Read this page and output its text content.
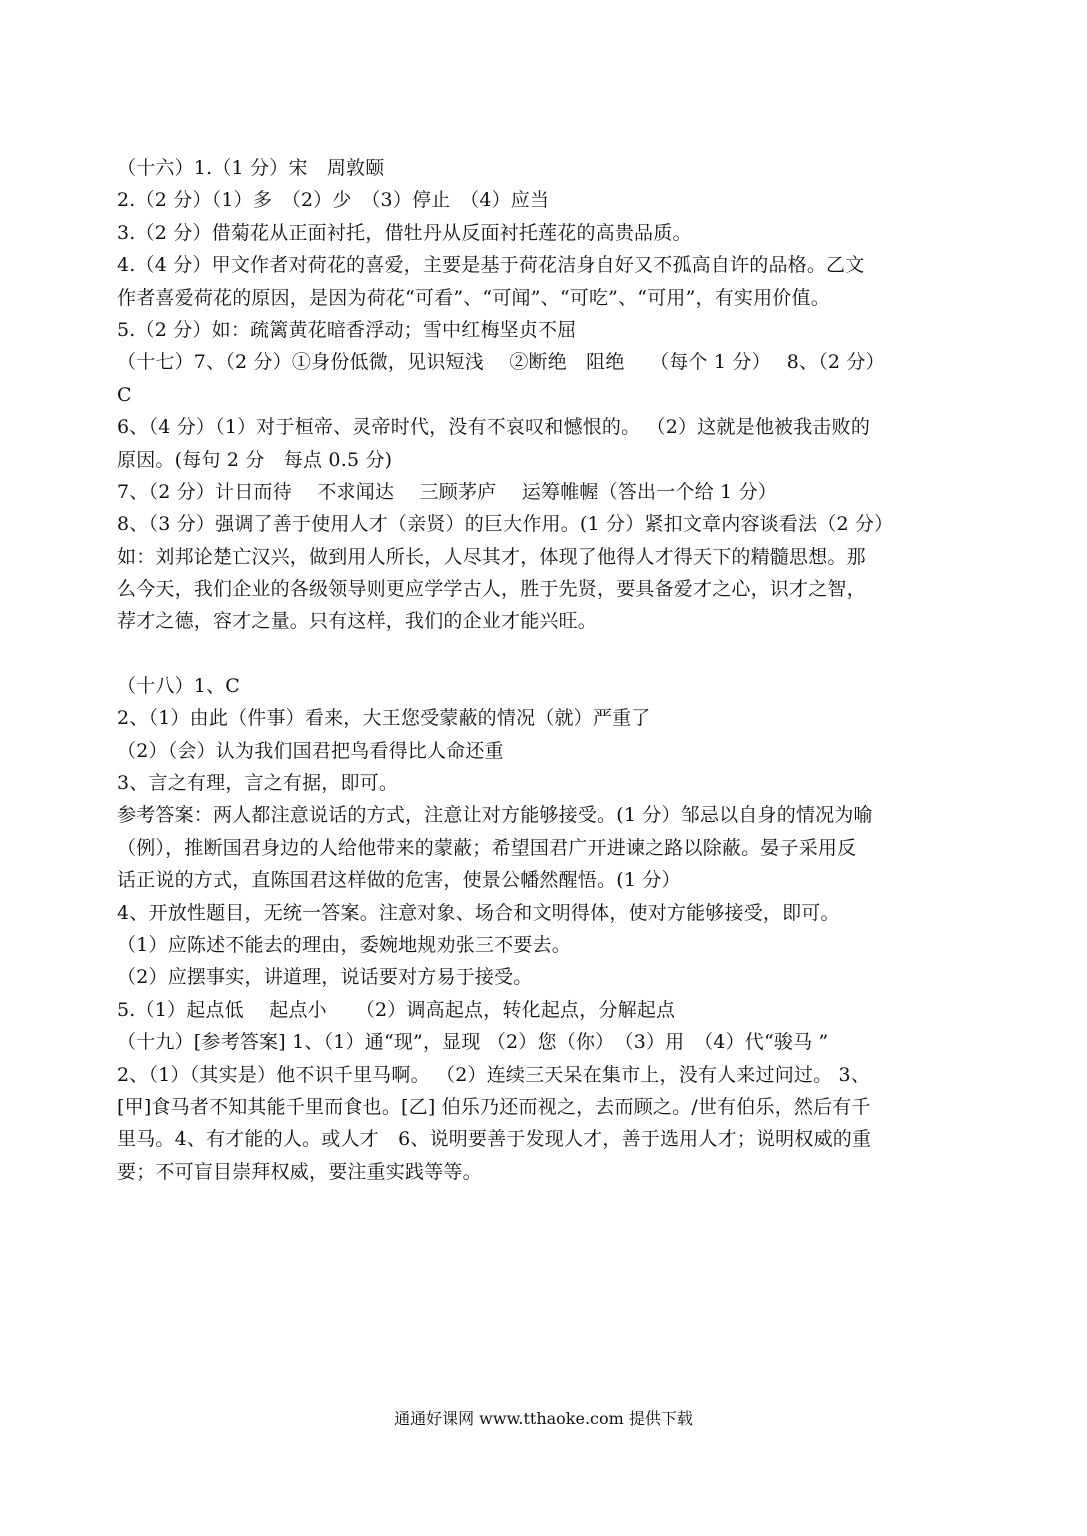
（十六）1.（1 分）宋　周敦颐
2.（2 分）（1）多　（2）少　（3）停止　（4）应当
3.（2 分）借菊花从正面衬托，借牡丹从反面衬托莲花的高贵品质。
4.（4 分）甲文作者对荷花的喜爱，主要是基于荷花洁身自好又不孤高自许的品格。乙文
作者喜爱荷花的原因，是因为荷花“可看”、“可闻”、“可吃”、“可用”，有实用价值。
5.（2 分）如：疏篱黄花暗香浮动；雪中红梅坚贞不屈
（十七）7、（2 分）①身份低微，见识短浅　 ②断绝　阻绝　 （每个 1 分）　 8、（2 分）
C
6、（4 分）（1）对于桓帝、灵帝时代，没有不哀叹和憾恨的。 （2）这就是他被我击败的
原因。(每句 2 分　每点 0.5 分)
7、（2 分）计日而待　 不求闻达　 三顾茅庐　 运筹帷幄（答出一个给 1 分）
8、（3 分）强调了善于使用人才（亲贤）的巨大作用。(1 分）紧扣文章内容谈看法（2 分）
如：刘邦论楚亡汉兴，做到用人所长，人尽其才，体现了他得人才得天下的精髓思想。那
么今天，我们企业的各级领导则更应学学古人，胜于先贤，要具备爱才之心，识才之智，
荐才之德，容才之量。只有这样，我们的企业才能兴旺。
（十八）1、C
2、（1）由此（件事）看来，大王您受蒙蔽的情况（就）严重了
（2）（会）认为我们国君把鸟看得比人命还重
3、言之有理，言之有据，即可。
参考答案：两人都注意说话的方式，注意让对方能够接受。(1 分）邹忌以自身的情况为喻
（例），推断国君身边的人给他带来的蒙蔽；希望国君广开进谏之路以除蔽。晏子采用反
话正说的方式，直陈国君这样做的危害，使景公幡然醒悟。(1 分）
4、开放性题目，无统一答案。注意对象、场合和文明得体，使对方能够接受，即可。
（1）应陈述不能去的理由，委婉地规劝张三不要去。
（2）应摆事实，讲道理，说话要对方易于接受。
5.（1）起点低　 起点小　　（2）调高起点，转化起点，分解起点
（十九）[参考答案] 1、（1）通“现”，显现 （2）您（你）　（3）用　（4）代“骏马 ”
2、（1）（其实是）他不识千里马啊。 （2）连续三天呆在集市上，没有人来过问过。 3、
[甲]食马者不知其能千里而食也。[乙] 伯乐乃还而视之，去而顾之。/世有伯乐，然后有千
里马。4、有才能的人。或人才　6、说明要善于发现人才，善于选用人才；说明权威的重
要；不可盲目崇拜权威，要注重实践等等。
通通好课网 www.tthaoke.com 提供下载
